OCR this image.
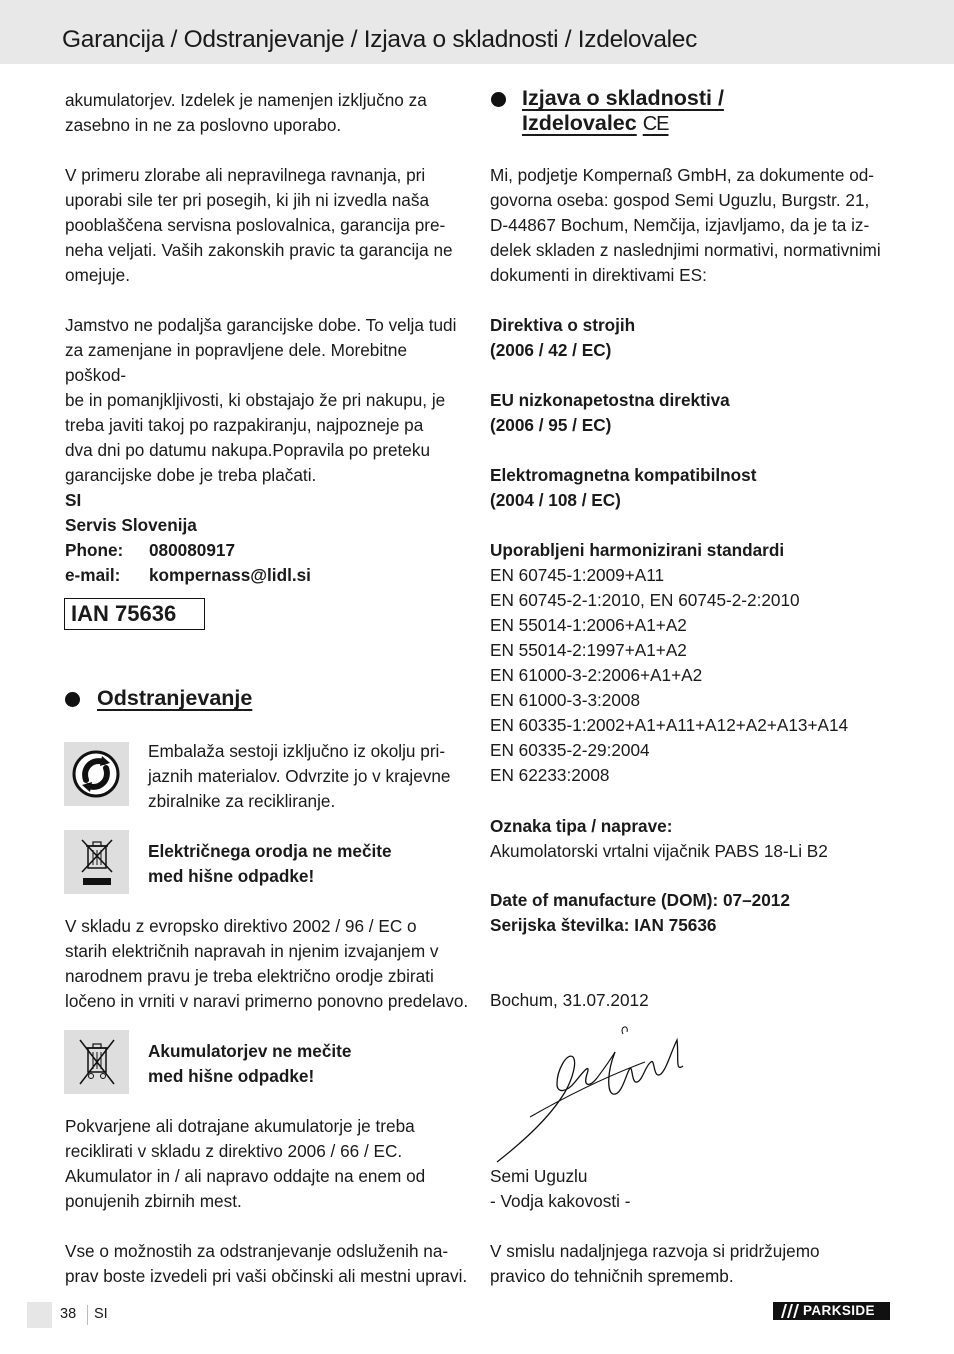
Garancija / Odstranjevanje / Izjava o skladnosti / Izdelovalec

akumulatorjev. Izdelek je namenjen izključno za

zasebno in ne za poslovno uporabo.

V primeru zlorabe ali nepravilnega ravnanja, pri

uporabi sile ter pri posegih, ki jih ni izvedla naša

pooblaščena servisna poslovalnica, garancija pre-

neha veljati. Vaših zakonskih pravic ta garancija ne

omejuje.

Jamstvo ne podaljša garancijske dobe. To velja tudi

za zamenjane in popravljene dele. Morebitne poškod-

be in pomanjkljivosti, ki obstajajo že pri nakupu, je

treba javiti takoj po razpakiranju, najpozneje pa

dva dni po datumu nakupa.Popravila po preteku

garancijske dobe je treba plačati.

SI

Servis Slovenija

Phone:	080080917
e-mail:	kompernass@lidl.si
IAN 75636
Odstranjevanje

Embalaža sestoji izključno iz okolju pri-

jaznih materialov. Odvrzite jo v krajevne

zbiralnike za recikliranje.

Električnega orodja ne mečite

med hišne odpadke!

V skladu z evropsko direktivo 2002 / 96 / EC o

starih električnih napravah in njenim izvajanjem v

narodnem pravu je treba električno orodje zbirati

ločeno in vrniti v naravi primerno ponovno predelavo.

Akumulatorjev ne mečite

med hišne odpadke!

Pokvarjene ali dotrajane akumulatorje je treba

reciklirati v skladu z direktivo 2006 / 66 / EC.

Akumulator in / ali napravo oddajte na enem od

ponujenih zbirnih mest.

Vse o možnostih za odstranjevanje odsluženih na-

prav boste izvedeli pri vaši občinski ali mestni upravi.

Izjava o skladnosti /
Izdelovalec CE

Mi, podjetje Kompernaß GmbH, za dokumente od-

govorna oseba: gospod Semi Uguzlu, Burgstr. 21,

D-44867 Bochum, Nemčija, izjavljamo, da je ta iz-

delek skladen z naslednjimi normativi, normativnimi

dokumenti in direktivami ES:

Direktiva o strojih

(2006 / 42 / EC)

EU nizkonapetostna direktiva

(2006 / 95 / EC)

Elektromagnetna kompatibilnost

(2004 / 108 / EC)

Uporabljeni harmonizirani standardi

EN 60745-1:2009+A11

EN 60745-2-1:2010, EN 60745-2-2:2010

EN 55014-1:2006+A1+A2

EN 55014-2:1997+A1+A2

EN 61000-3-2:2006+A1+A2

EN 61000-3-3:2008

EN 60335-1:2002+A1+A11+A12+A2+A13+A14

EN 60335-2-29:2004

EN 62233:2008

Oznaka tipa / naprave:

Akumolatorski vrtalni vijačnik PABS 18-Li B2

Date of manufacture (DOM): 07–2012

Serijska številka: IAN 75636

Bochum, 31.07.2012

Semi Uguzlu

- Vodja kakovosti -

V smislu nadaljnjega razvoja si pridržujemo

pravico do tehničnih sprememb.

38 SI	PARKSIDE
